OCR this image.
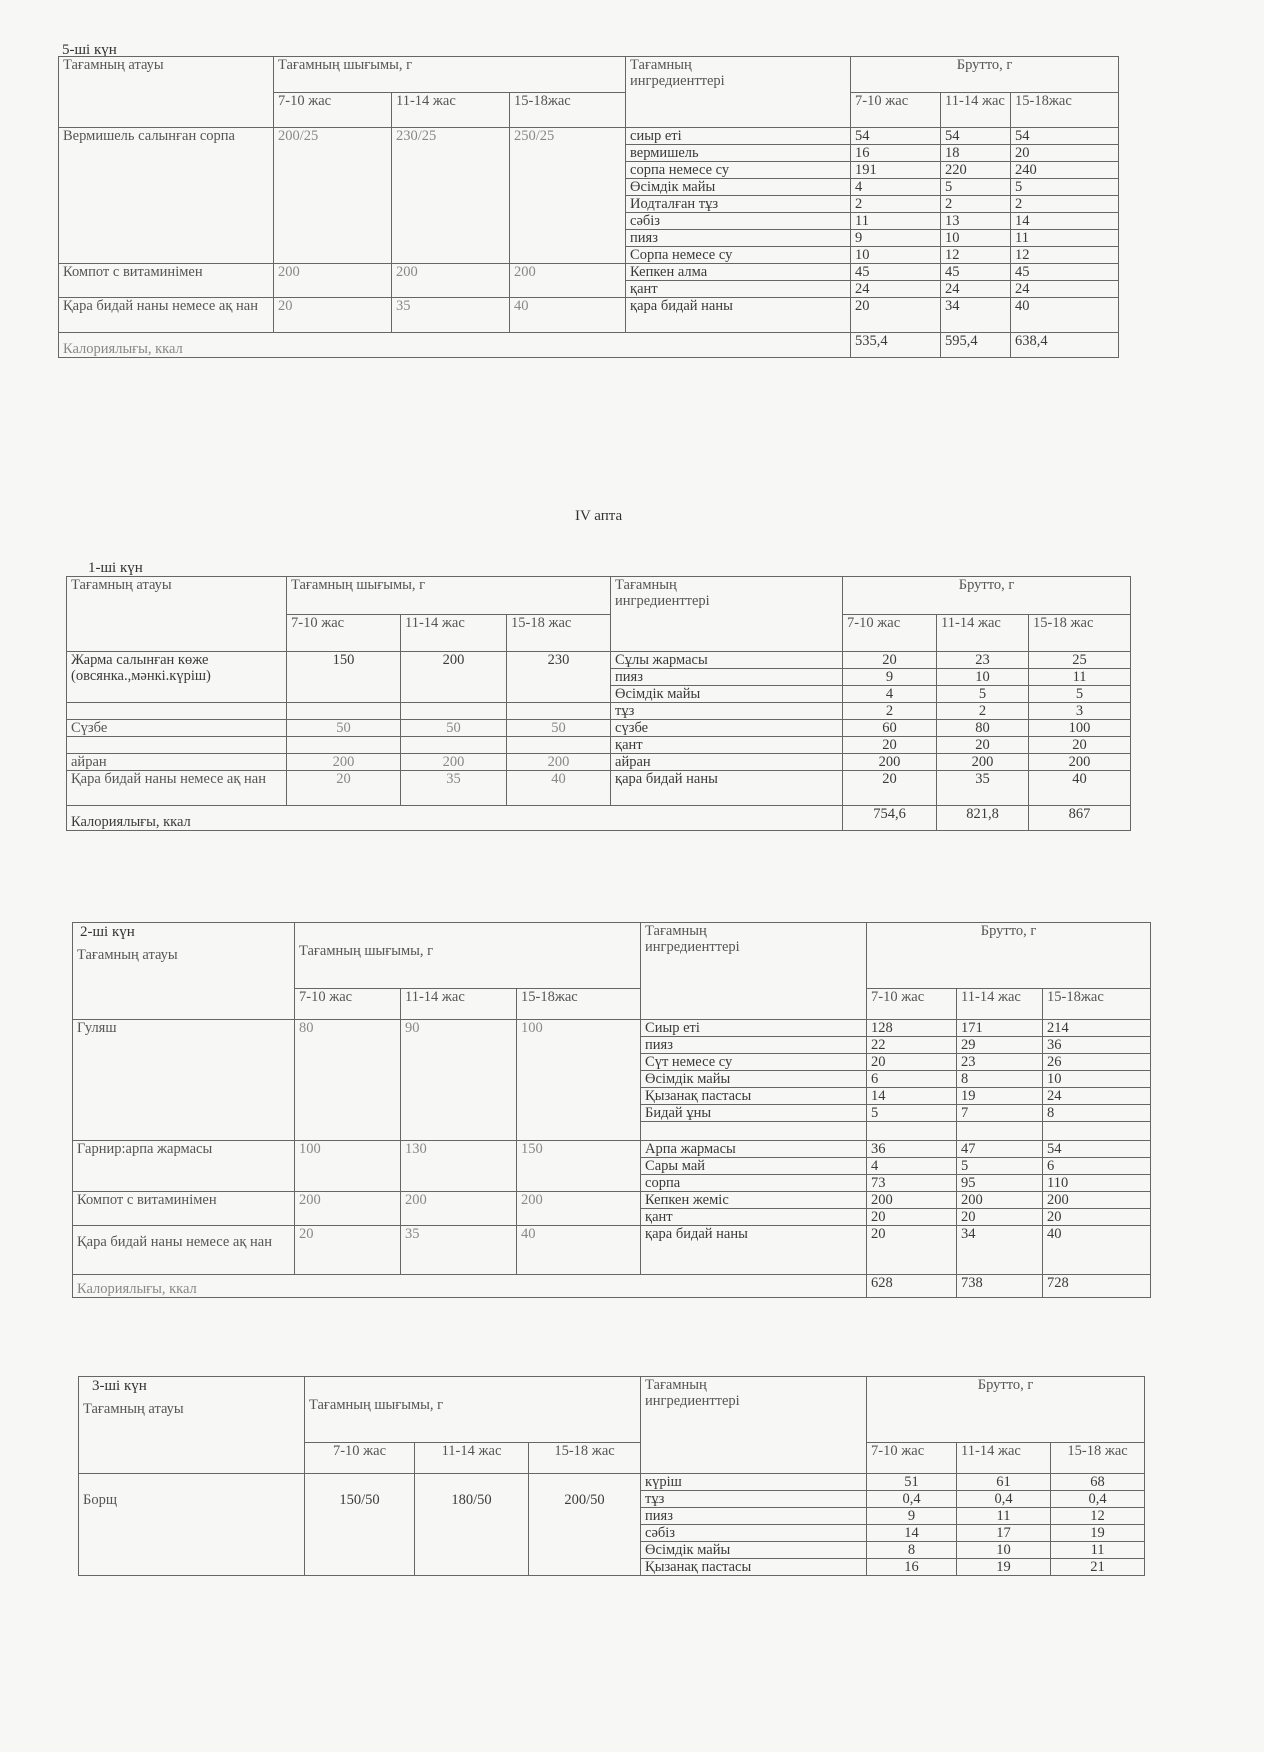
5-ші күн
Тағамның атауы	Тағамның шығымы, г			Тағамның
ингредиенттері	Брутто, г		
	7-10 жас	11-14 жас	15-18жас		7-10 жас	11-14 жас	15-18жас
Вермишель салынған сорпа	200/25	230/25	250/25	сиыр еті	54	54	54
				вермишель	16	18	20
				сорпа немесе су	191	220	240
				Өсімдік майы	4	5	5
				Иодталған тұз	2	2	2
				сәбіз	11	13	14
				пияз	9	10	11
				Сорпа немесе су	10	12	12
Компот с витаминімен	200	200	200	Кепкен алма	45	45	45
				қант	24	24	24
Қара бидай наны немесе ақ нан	20	35	40	қара бидай наны	20	34	40
Калориялығы, ккал					535,4	595,4	638,4
IV апта
1-ші күн
Тағамның атауы	Тағамның шығымы, г			Тағамның
ингредиенттері	Брутто, г		
	7-10 жас	11-14 жас	15-18 жас		7-10 жас	11-14 жас	15-18 жас
Жарма салынған көже (овсянка.,мәнкі.күріш)	150	200	230	Сұлы жармасы	20	23	25
				пияз	9	10	11
				Өсімдік майы	4	5	5
				тұз	2	2	3
Сүзбе	50	50	50	сүзбе	60	80	100
				қант	20	20	20
айран	200	200	200	айран	200	200	200
Қара бидай наны немесе ақ нан	20	35	40	қара бидай наны	20	35	40
Калориялығы, ккал					754,6	821,8	867
2-ші күн
Тағамның атауы	Тағамның шығымы, г			Тағамның
ингредиенттері	Брутто, г		
	7-10 жас	11-14 жас	15-18жас		7-10 жас	11-14 жас	15-18жас
Гуляш	80	90	100	Сиыр еті	128	171	214
				пияз	22	29	36
				Сүт немесе су	20	23	26
				Өсімдік майы	6	8	10
				Қызанақ пастасы	14	19	24
				Бидай ұны	5	7	8

Гарнир:арпа жармасы	100	130	150	Арпа жармасы	36	47	54
				Сары май	4	5	6
				сорпа	73	95	110
Компот с витаминімен	200	200	200	Кепкен жеміс	200	200	200
				қант	20	20	20
Қара бидай наны немесе ақ нан	20	35	40	қара бидай наны	20	34	40
Калориялығы, ккал					628	738	728
3-ші күн
Тағамның атауы	Тағамның шығымы, г			Тағамның
ингредиенттері	Брутто, г		
	7-10 жас	11-14 жас	15-18 жас		7-10 жас	11-14 жас	15-18 жас
Борщ	150/50	180/50	200/50	күріш	51	61	68
				тұз	0,4	0,4	0,4
				пияз	9	11	12
				сәбіз	14	17	19
				Өсімдік майы	8	10	11
				Қызанақ пастасы	16	19	21
